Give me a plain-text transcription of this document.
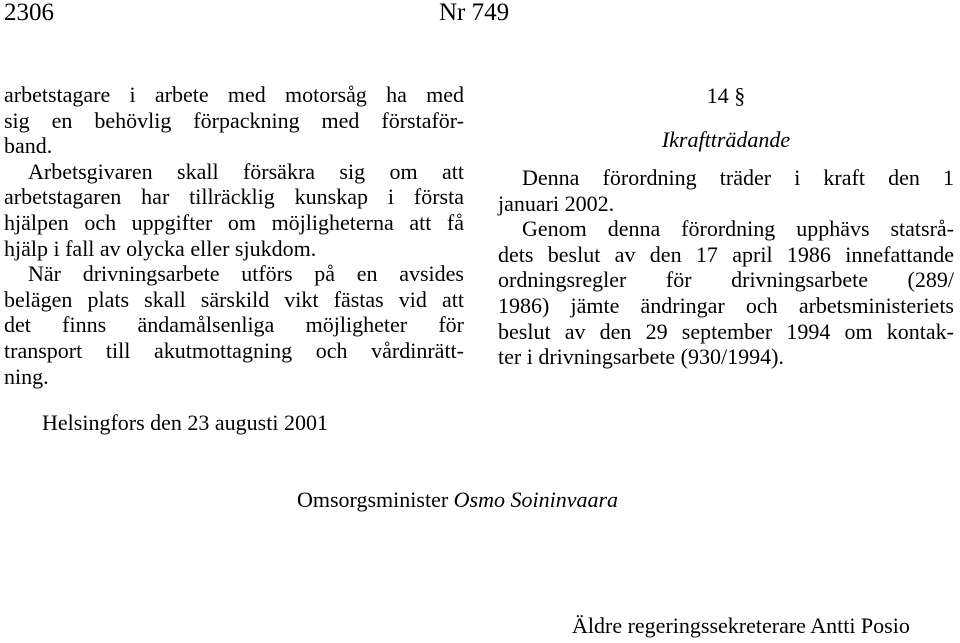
2306	Nr 749
arbetstagare i arbete med motorsåg ha med
sig en behövlig förpackning med förstaför-
band.
Arbetsgivaren skall försäkra sig om att
arbetstagaren har tillräcklig kunskap i första
hjälpen och uppgifter om möjligheterna att få
hjälp i fall av olycka eller sjukdom.
När drivningsarbete utförs på en avsides
belägen plats skall särskild vikt fästas vid att
det finns ändamålsenliga möjligheter för
transport till akutmottagning och vårdinrätt-
ning.
14 §
Ikraftträdande
Denna förordning träder i kraft den 1
januari 2002.
Genom denna förordning upphävs statsrå-
dets beslut av den 17 april 1986 innefattande
ordningsregler för drivningsarbete (289/
1986) jämte ändringar och arbetsministeriets
beslut av den 29 september 1994 om kontak-
ter i drivningsarbete (930/1994).
Helsingfors den 23 augusti 2001
Omsorgsminister Osmo Soininvaara
Äldre regeringssekreterare Antti Posio
